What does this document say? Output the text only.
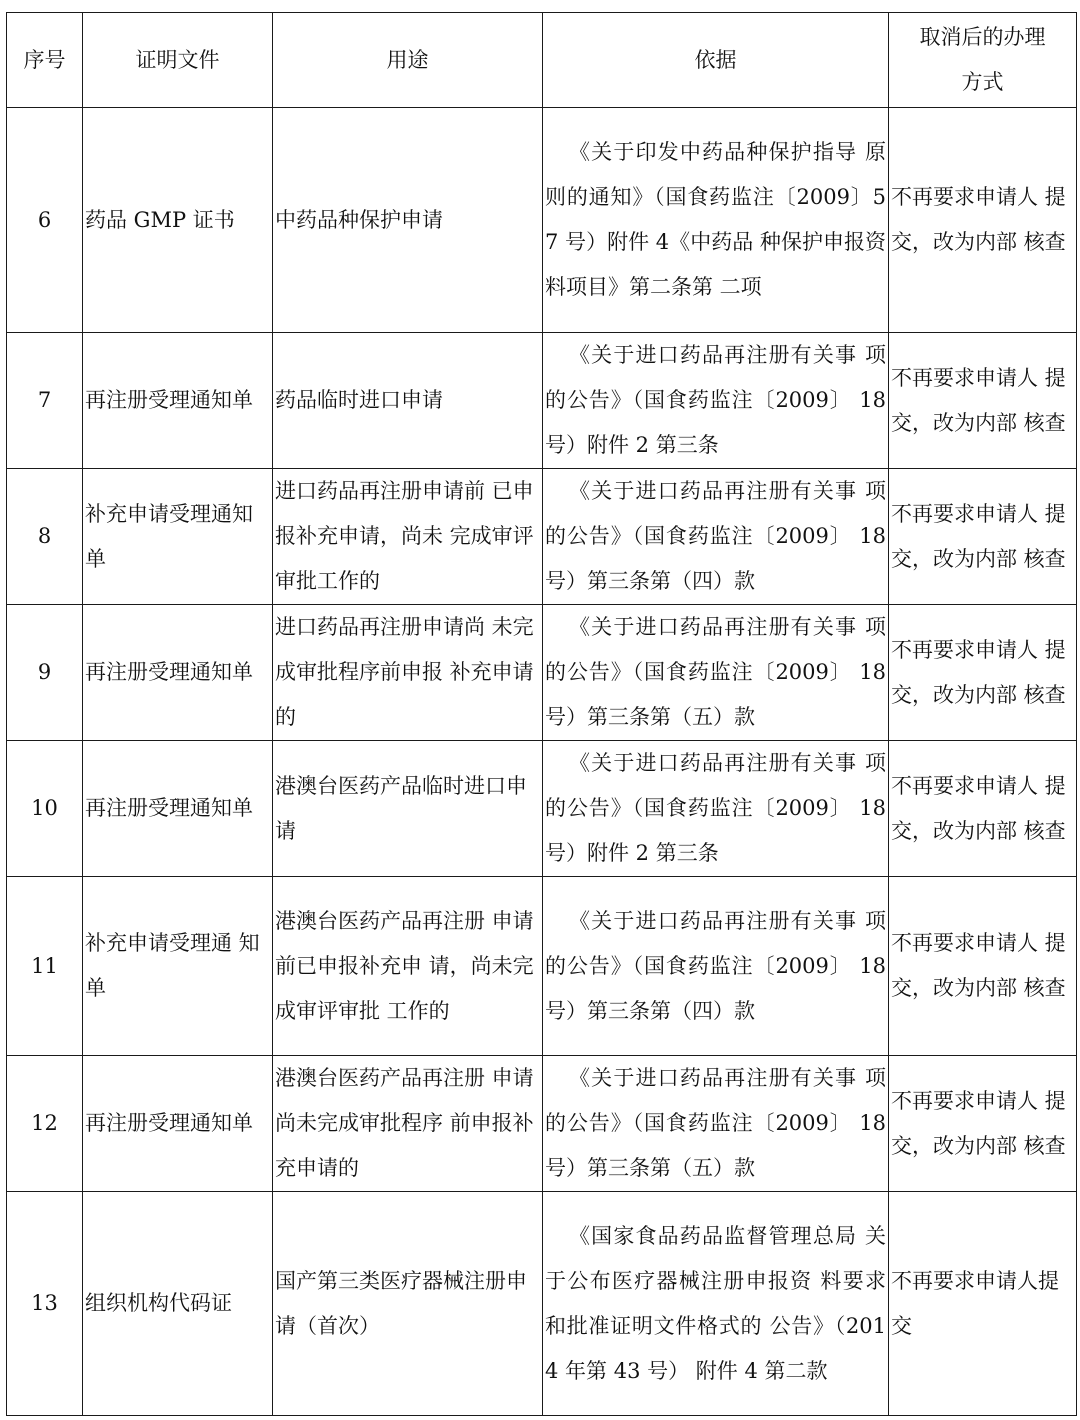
序号	证明文件	用途	依据	取消后的办理方式
6	药品 GMP 证书	中药品种保护申请	《关于印发中药品种保护指导 原则的通知》（国食药监注〔2009〕57 号）附件 4《中药品 种保护申报资料项目》第二条第 二项	不再要求申请人 提交，改为内部 核查
7	再注册受理通知单	药品临时进口申请	《关于进口药品再注册有关事 项的公告》（国食药监注〔2009〕 18 号）附件 2 第三条	不再要求申请人 提交，改为内部 核查
8	补充申请受理通知单	进口药品再注册申请前 已申报补充申请，尚未 完成审评审批工作的	《关于进口药品再注册有关事 项的公告》（国食药监注〔2009〕 18 号）第三条第（四）款	不再要求申请人 提交，改为内部 核查
9	再注册受理通知单	进口药品再注册申请尚 未完成审批程序前申报 补充申请的	《关于进口药品再注册有关事 项的公告》（国食药监注〔2009〕 18 号）第三条第（五）款	不再要求申请人 提交，改为内部 核查
10	再注册受理通知单	港澳台医药产品临时进口申请	《关于进口药品再注册有关事 项的公告》（国食药监注〔2009〕 18 号）附件 2 第三条	不再要求申请人 提交，改为内部 核查
11	补充申请受理通 知单	港澳台医药产品再注册 申请前已申报补充申 请，尚未完成审评审批 工作的	《关于进口药品再注册有关事 项的公告》（国食药监注〔2009〕 18 号）第三条第（四）款	不再要求申请人 提交，改为内部 核查
12	再注册受理通知单	港澳台医药产品再注册 申请尚未完成审批程序 前申报补充申请的	《关于进口药品再注册有关事 项的公告》（国食药监注〔2009〕 18 号）第三条第（五）款	不再要求申请人 提交，改为内部 核查
13	组织机构代码证	国产第三类医疗器械注册申请（首次）	《国家食品药品监督管理总局 关于公布医疗器械注册申报资 料要求和批准证明文件格式的 公告》（2014 年第 43 号） 附件 4 第二款	不再要求申请人提交
